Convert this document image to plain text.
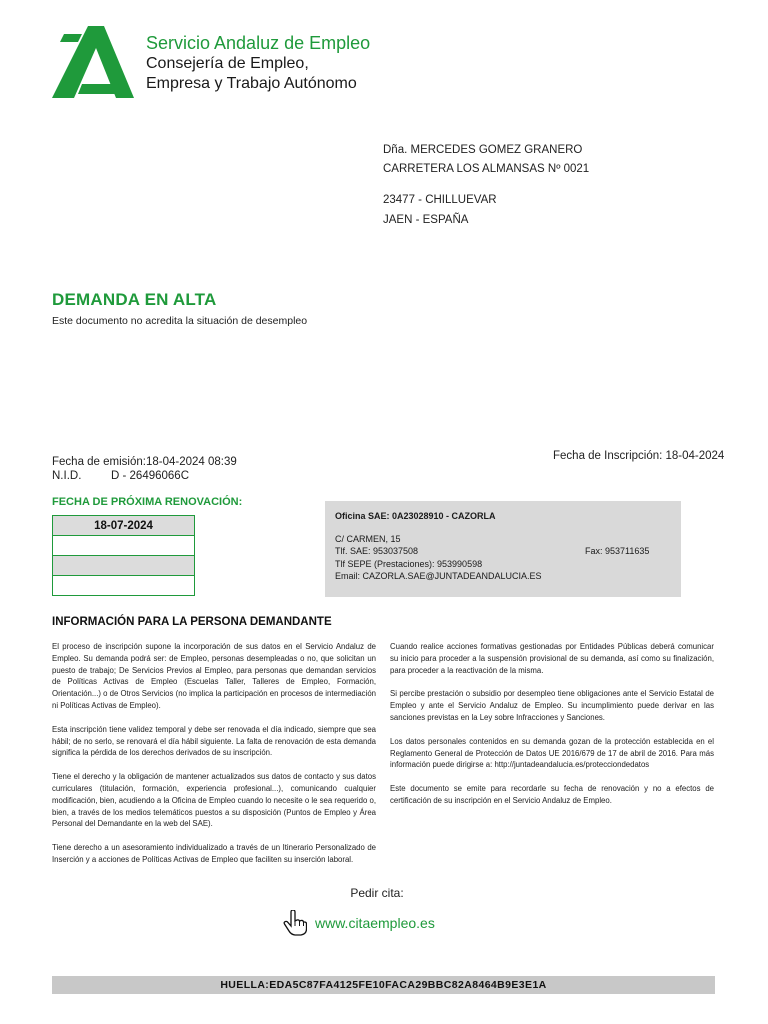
Servicio Andaluz de Empleo
Consejería de Empleo,
Empresa y Trabajo Autónomo
Dña. MERCEDES GOMEZ GRANERO
CARRETERA LOS ALMANSAS Nº 0021
23477 - CHILLUEVAR
JAEN - ESPAÑA
DEMANDA EN ALTA
Este documento no acredita la situación de desempleo
Fecha de emisión:18-04-2024 08:39
N.I.D.	D - 26496066C
Fecha de Inscripción: 18-04-2024
FECHA DE PRÓXIMA RENOVACIÓN:
18-07-2024

Oficina SAE: 0A23028910 - CAZORLA
C/ CARMEN, 15
Tlf. SAE: 953037508	Fax: 953711635
Tlf SEPE (Prestaciones): 953990598
Email: CAZORLA.SAE@JUNTADEANDALUCIA.ES
INFORMACIÓN PARA LA PERSONA DEMANDANTE

El proceso de inscripción supone la incorporación de sus datos en el Servicio Andaluz de Empleo. Su demanda podrá ser: de Empleo, personas desempleadas o no, que solicitan un puesto de trabajo; De Servicios Previos al Empleo, para personas que demandan servicios de Políticas Activas de Empleo (Escuelas Taller, Talleres de Empleo, Formación, Orientación...) o de Otros Servicios (no implica la participación en procesos de intermediación ni Políticas Activas de Empleo).

Esta inscripción tiene validez temporal y debe ser renovada el día indicado, siempre que sea hábil; de no serlo, se renovará el día hábil siguiente. La falta de renovación de esta demanda significa la pérdida de los derechos derivados de su inscripción.

Tiene el derecho y la obligación de mantener actualizados sus datos de contacto y sus datos curriculares (titulación, formación, experiencia profesional...), comunicando cualquier modificación, bien, acudiendo a la Oficina de Empleo cuando lo necesite o le sea requerido o, bien, a través de los medios telemáticos puestos a su disposición (Puntos de Empleo y Área Personal del Demandante en la web del SAE).

Tiene derecho a un asesoramiento individualizado a través de un Itinerario Personalizado de Inserción y a acciones de Políticas Activas de Empleo que faciliten su inserción laboral.

Cuando realice acciones formativas gestionadas por Entidades Públicas deberá comunicar su inicio para proceder a la suspensión provisional de su demanda, así como su finalización, para proceder a la reactivación de la misma.

Si percibe prestación o subsidio por desempleo tiene obligaciones ante el Servicio Estatal de Empleo y ante el Servicio Andaluz de Empleo. Su incumplimiento puede derivar en las sanciones previstas en la Ley sobre Infracciones y Sanciones.

Los datos personales contenidos en su demanda gozan de la protección establecida en el Reglamento General de Protección de Datos UE 2016/679 de 17 de abril de 2016. Para más información puede dirigirse a: http://juntadeandalucia.es/protecciondedatos

Este documento se emite para recordarle su fecha de renovación y no a efectos de certificación de su inscripción en el Servicio Andaluz de Empleo.

Pedir cita:
www.citaempleo.es
HUELLA:EDA5C87FA4125FE10FACA29BBC82A8464B9E3E1A
